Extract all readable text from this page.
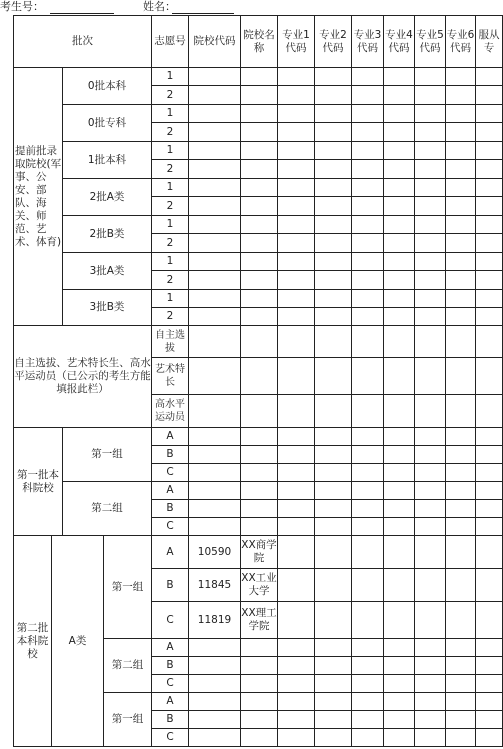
考生号：	姓名：
批次				志愿号	院校代码	院校名称	专业1代码	专业2代码	专业3代码	专业4代码	专业5代码	专业6代码	服从专
提前批录取院校(军事、公安、部队、海关、师范、艺术、体育)		0批本科		1									
				2									
		0批专科		1									
				2									
		1批本科		1									
				2									
		2批A类		1									
				2									
		2批B类		1									
				2									
		3批A类		1									
				2									
		3批B类		1									
				2									
自主选拔、艺术特长生、高水平运动员（已公示的考生方能填报此栏）				自主选拔									
				艺术特长									
				高水平运动员									
第一批本科院校		第一组		A									
				B									
				C									
		第二组		A									
				B									
				C									
第二批本科院校	A类		第一组	A	10590	XX商学院							
				B	11845	XX工业大学							
				C	11819	XX理工学院							
			第二组	A									
				B									
				C									
			第一组	A									
				B									
				C									
